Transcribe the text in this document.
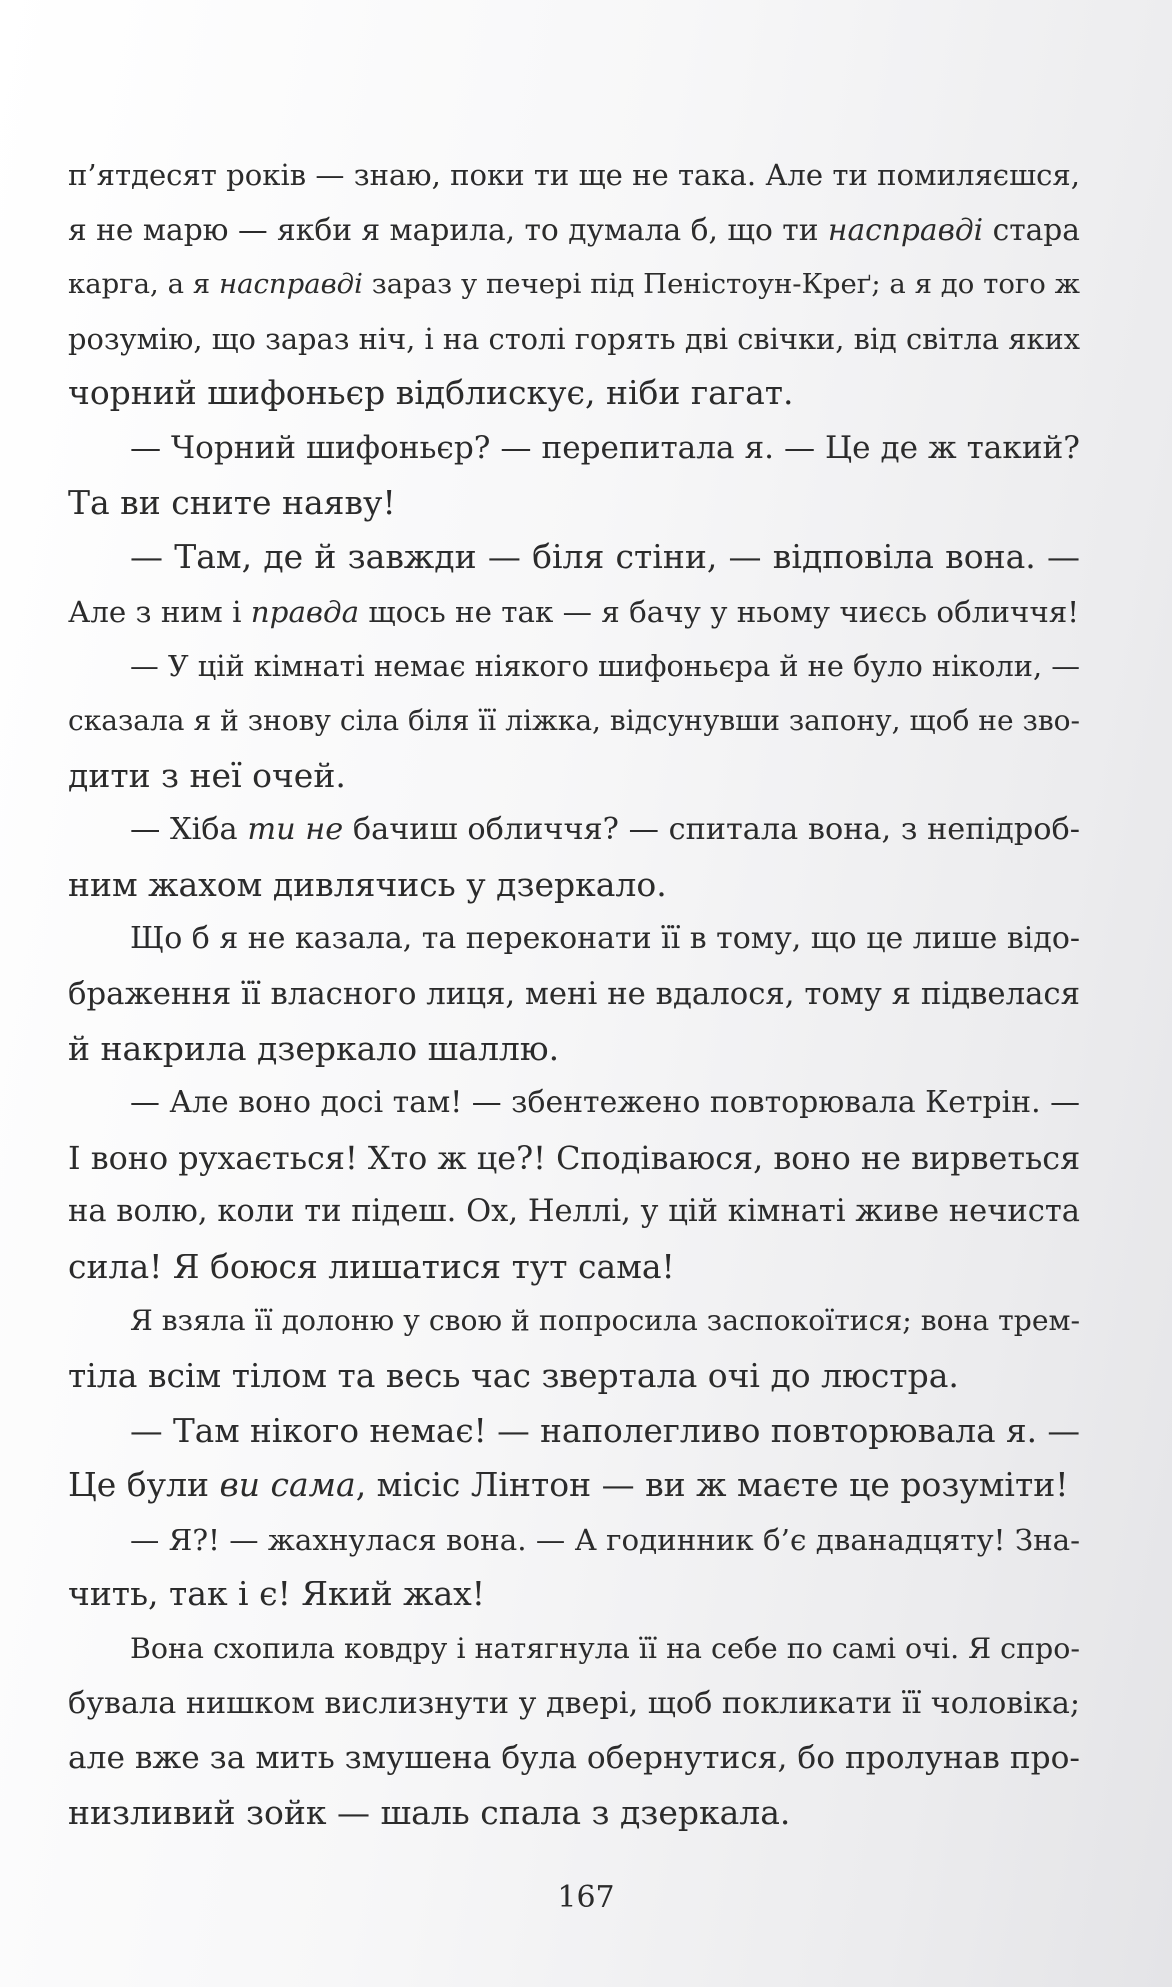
п’ятдесят років — знаю, поки ти ще не така. Але ти помиляєшся,
я не марю — якби я марила, то думала б, що ти насправді стара
карга, а я насправді зараз у печері під Пеністоун-Креґ; а я до того ж
розумію, що зараз ніч, і на столі горять дві свічки, від світла яких
чорний шифоньєр відблискує, ніби гагат.
— Чорний шифоньєр? — перепитала я. — Це де ж такий?
Та ви сните наяву!
— Там, де й завжди — біля стіни, — відповіла вона. —
Але з ним і правда щось не так — я бачу у ньому чиєсь обличчя!
— У цій кімнаті немає ніякого шифоньєра й не було ніколи, —
сказала я й знову сіла біля її ліжка, відсунувши запону, щоб не зво-
дити з неї очей.
— Хіба ти не бачиш обличчя? — спитала вона, з непідроб-
ним жахом дивлячись у дзеркало.
Що б я не казала, та переконати її в тому, що це лише відо-
браження її власного лиця, мені не вдалося, тому я підвелася
й накрила дзеркало шаллю.
— Але воно досі там! — збентежено повторювала Кетрін. —
І воно рухається! Хто ж це?! Сподіваюся, воно не вирветься
на волю, коли ти підеш. Ох, Неллі, у цій кімнаті живе нечиста
сила! Я боюся лишатися тут сама!
Я взяла її долоню у свою й попросила заспокоїтися; вона трем-
тіла всім тілом та весь час звертала очі до люстра.
— Там нікого немає! — наполегливо повторювала я. —
Це були ви сама, місіс Лінтон — ви ж маєте це розуміти!
— Я?! — жахнулася вона. — А годинник б’є дванадцяту! Зна-
чить, так і є! Який жах!
Вона схопила ковдру і натягнула її на себе по самі очі. Я спро-
бувала нишком вислизнути у двері, щоб покликати її чоловіка;
але вже за мить змушена була обернутися, бо пролунав про-
низливий зойк — шаль спала з дзеркала.
167
